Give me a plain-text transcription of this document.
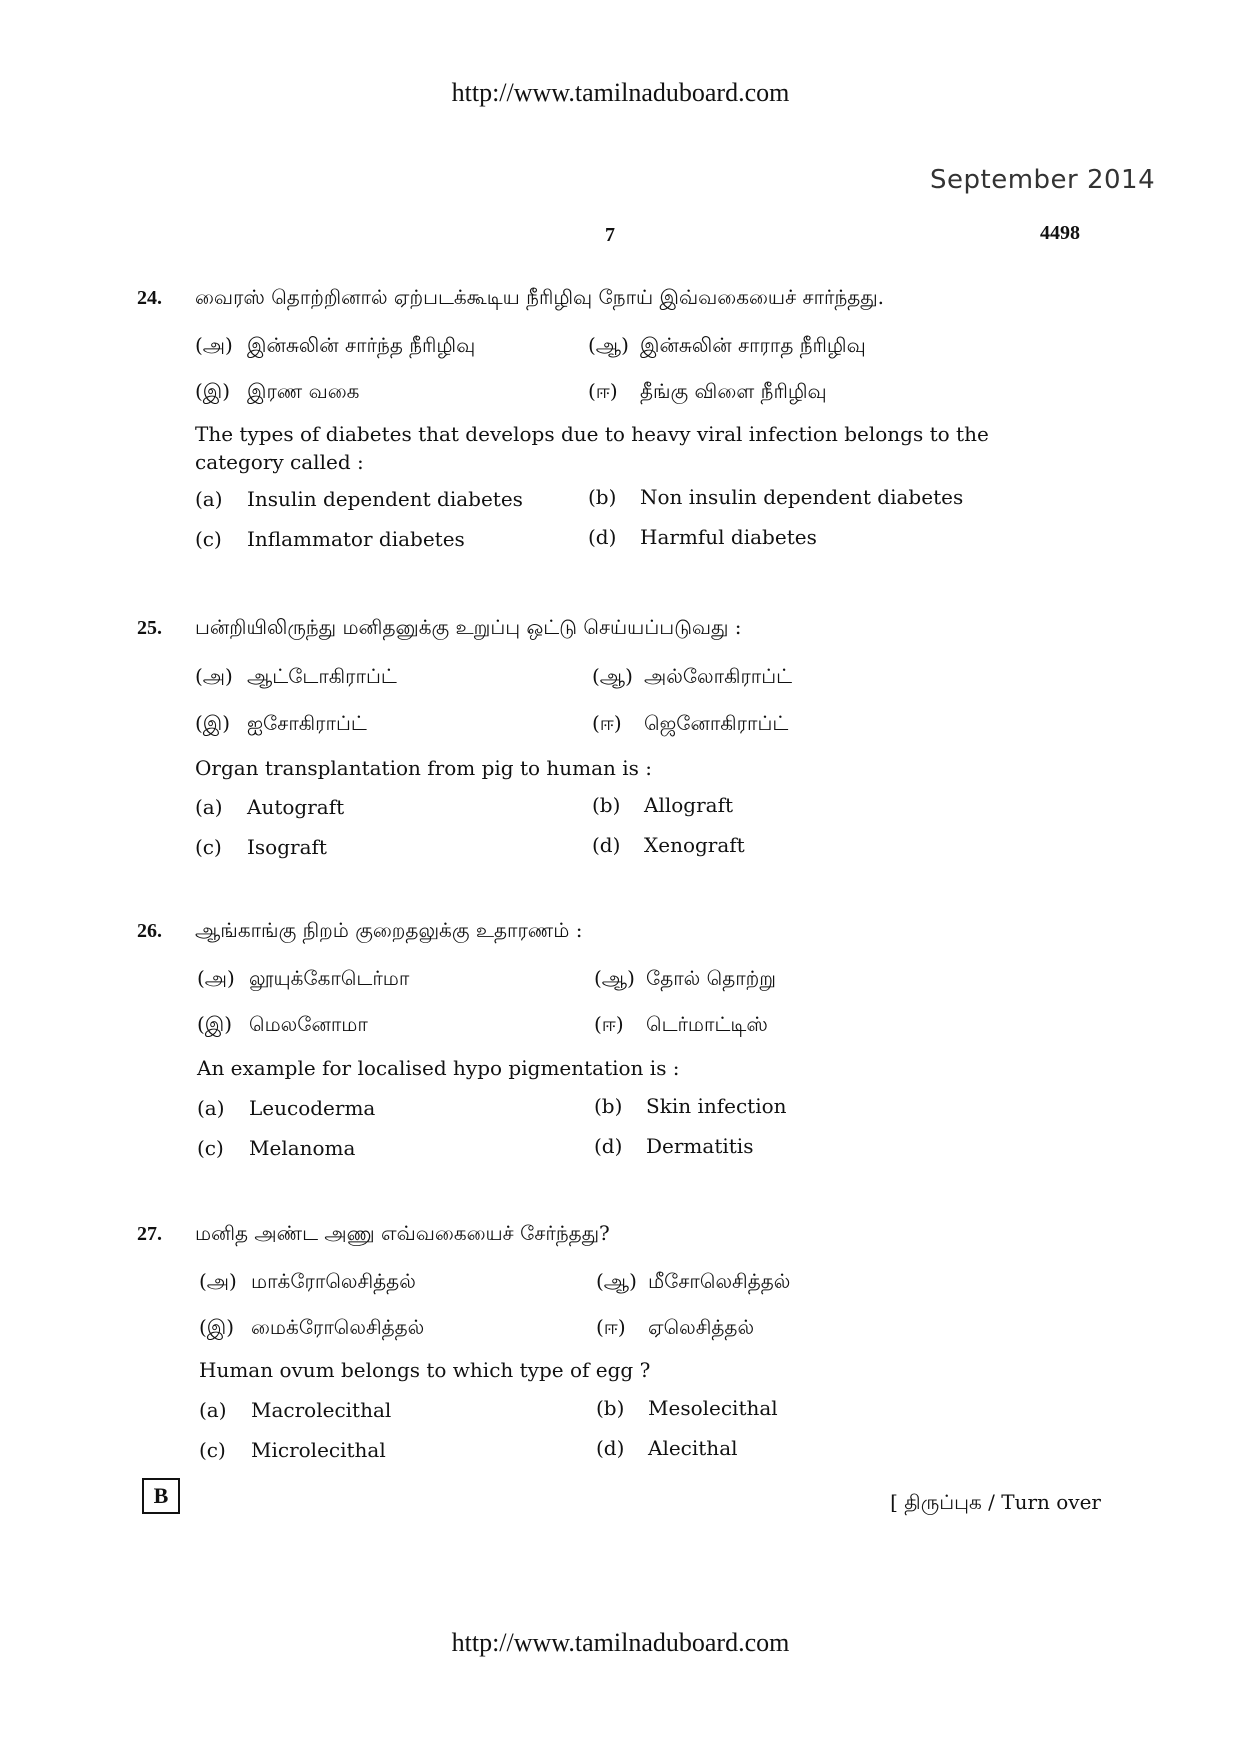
http://www.tamilnaduboard.com
September 2014
7	4498
24. வைரஸ் தொற்றினால் ஏற்படக்கூடிய நீரிழிவு நோய் இவ்வகையைச் சார்ந்தது.
(அ) இன்சுலின் சார்ந்த நீரிழிவு	(ஆ) இன்சுலின் சாராத நீரிழிவு
(இ) இரண வகை	(ஈ) தீங்கு விளை நீரிழிவு
The types of diabetes that develops due to heavy viral infection belongs to the category called :
(a) Insulin dependent diabetes	(b) Non insulin dependent diabetes
(c) Inflammator diabetes	(d) Harmful diabetes
25. பன்றியிலிருந்து மனிதனுக்கு உறுப்பு ஒட்டு செய்யப்படுவது :
(அ) ஆட்டோகிராப்ட்	(ஆ) அல்லோகிராப்ட்
(இ) ஐசோகிராப்ட்	(ஈ) ஜெனோகிராப்ட்
Organ transplantation from pig to human is :
(a) Autograft	(b) Allograft
(c) Isograft	(d) Xenograft
26. ஆங்காங்கு நிறம் குறைதலுக்கு உதாரணம் :
(அ) லூயுக்கோடெர்மா	(ஆ) தோல் தொற்று
(இ) மெலனோமா	(ஈ) டெர்மாட்டிஸ்
An example for localised hypo pigmentation is :
(a) Leucoderma	(b) Skin infection
(c) Melanoma	(d) Dermatitis
27. மனித அண்ட அணு எவ்வகையைச் சேர்ந்தது?
(அ) மாக்ரோலெசித்தல்	(ஆ) மீசோலெசித்தல்
(இ) மைக்ரோலெசித்தல்	(ஈ) ஏலெசித்தல்
Human ovum belongs to which type of egg ?
(a) Macrolecithal	(b) Mesolecithal
(c) Microlecithal	(d) Alecithal
B	[ திருப்புக / Turn over
http://www.tamilnaduboard.com
